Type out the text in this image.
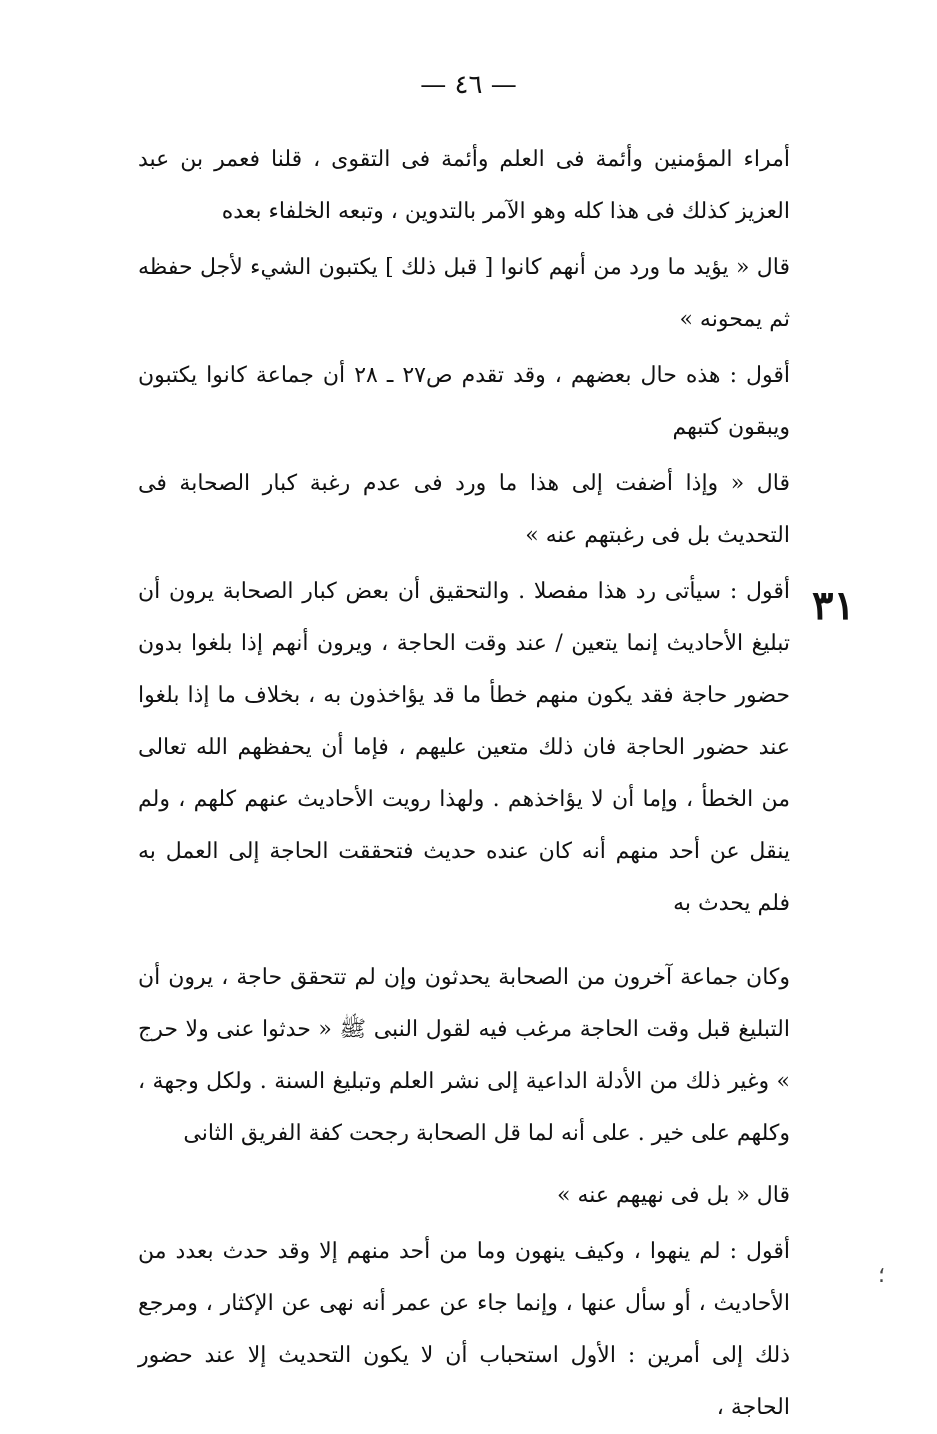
— ٤٦ —
٣١
؛

أمراء المؤمنين وأئمة فى العلم وأئمة فى التقوى ، قلنا فعمر بن عبد العزيز كذلك فى هذا كله وهو الآمر بالتدوين ، وتبعه الخلفاء بعده

قال « يؤيد ما ورد من أنهم كانوا [ قبل ذلك ] يكتبون الشيء لأجل حفظه ثم يمحونه »

أقول : هذه حال بعضهم ، وقد تقدم ص٢٧ ـ ٢٨ أن جماعة كانوا يكتبون ويبقون كتبهم

قال « وإذا أضفت إلى هذا ما ورد فى عدم رغبة كبار الصحابة فى التحديث بل فى رغبتهم عنه »

أقول : سيأتى رد هذا مفصلا . والتحقيق أن بعض كبار الصحابة يرون أن تبليغ الأحاديث إنما يتعين / عند وقت الحاجة ، ويرون أنهم إذا بلغوا بدون حضور حاجة فقد يكون منهم خطأ ما قد يؤاخذون به ، بخلاف ما إذا بلغوا عند حضور الحاجة فان ذلك متعين عليهم ، فإما أن يحفظهم الله تعالى من الخطأ ، وإما أن لا يؤاخذهم . ولهذا رويت الأحاديث عنهم كلهم ، ولم ينقل عن أحد منهم أنه كان عنده حديث فتحققت الحاجة إلى العمل به فلم يحدث به

وكان جماعة آخرون من الصحابة يحدثون وإن لم تتحقق حاجة ، يرون أن التبليغ قبل وقت الحاجة مرغب فيه لقول النبى ﷺ « حدثوا عنى ولا حرج » وغير ذلك من الأدلة الداعية إلى نشر العلم وتبليغ السنة . ولكل وجهة ، وكلهم على خير . على أنه لما قل الصحابة رجحت كفة الفريق الثانى

قال « بل فى نهيهم عنه »

أقول : لم ينهوا ، وكيف ينهون وما من أحد منهم إلا وقد حدث بعدد من الأحاديث ، أو سأل عنها ، وإنما جاء عن عمر أنه نهى عن الإكثار ، ومرجع ذلك إلى أمرين : الأول استحباب أن لا يكون التحديث إلا عند حضور الحاجة ،
